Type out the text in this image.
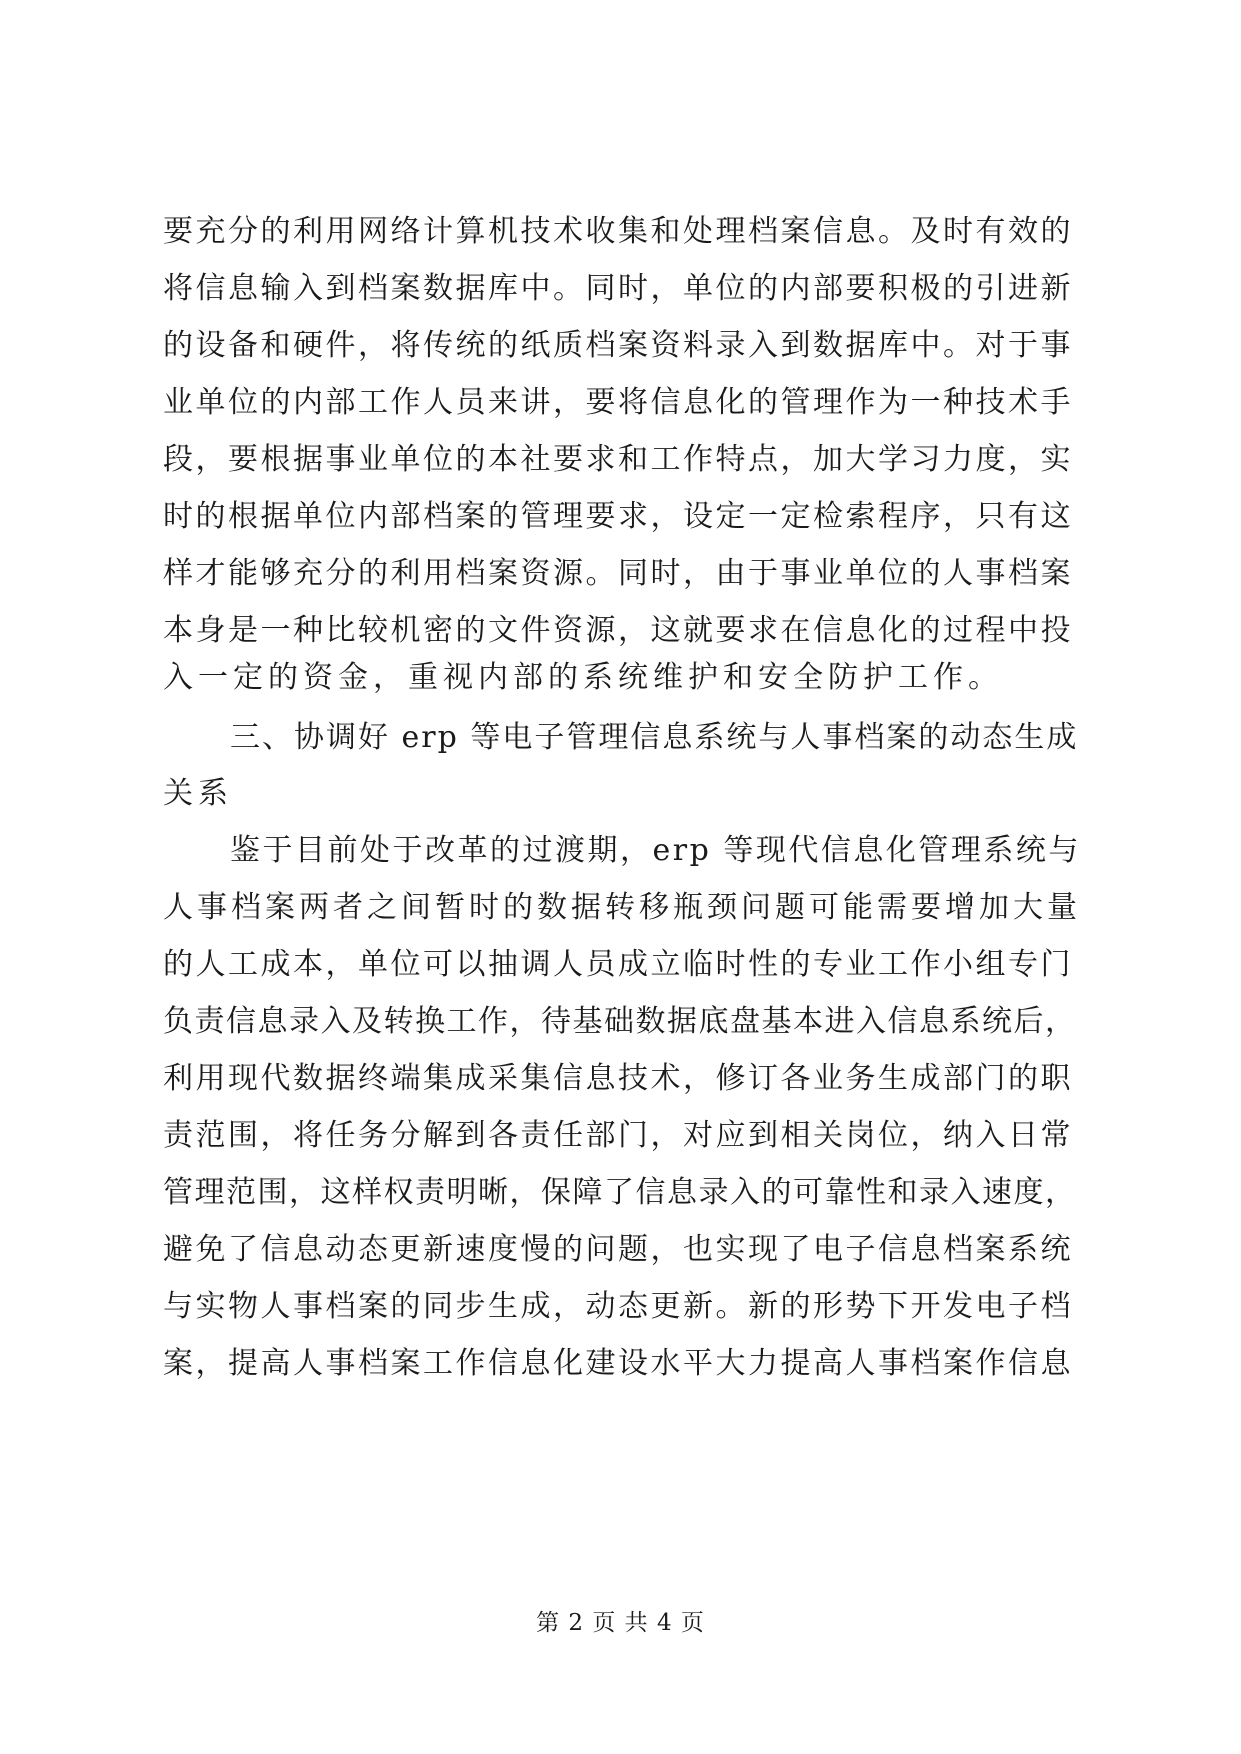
要充分的利用网络计算机技术收集和处理档案信息。及时有效的
将信息输入到档案数据库中。同时，单位的内部要积极的引进新
的设备和硬件，将传统的纸质档案资料录入到数据库中。对于事
业单位的内部工作人员来讲，要将信息化的管理作为一种技术手
段，要根据事业单位的本社要求和工作特点，加大学习力度，实
时的根据单位内部档案的管理要求，设定一定检索程序，只有这
样才能够充分的利用档案资源。同时，由于事业单位的人事档案
本身是一种比较机密的文件资源，这就要求在信息化的过程中投
入一定的资金，重视内部的系统维护和安全防护工作。
三、协调好 erp 等电子管理信息系统与人事档案的动态生成
关系
鉴于目前处于改革的过渡期，erp 等现代信息化管理系统与
人事档案两者之间暂时的数据转移瓶颈问题可能需要增加大量
的人工成本，单位可以抽调人员成立临时性的专业工作小组专门
负责信息录入及转换工作，待基础数据底盘基本进入信息系统后，
利用现代数据终端集成采集信息技术，修订各业务生成部门的职
责范围，将任务分解到各责任部门，对应到相关岗位，纳入日常
管理范围，这样权责明晰，保障了信息录入的可靠性和录入速度，
避免了信息动态更新速度慢的问题，也实现了电子信息档案系统
与实物人事档案的同步生成，动态更新。新的形势下开发电子档
案，提高人事档案工作信息化建设水平大力提高人事档案作信息
第 2 页 共 4 页
